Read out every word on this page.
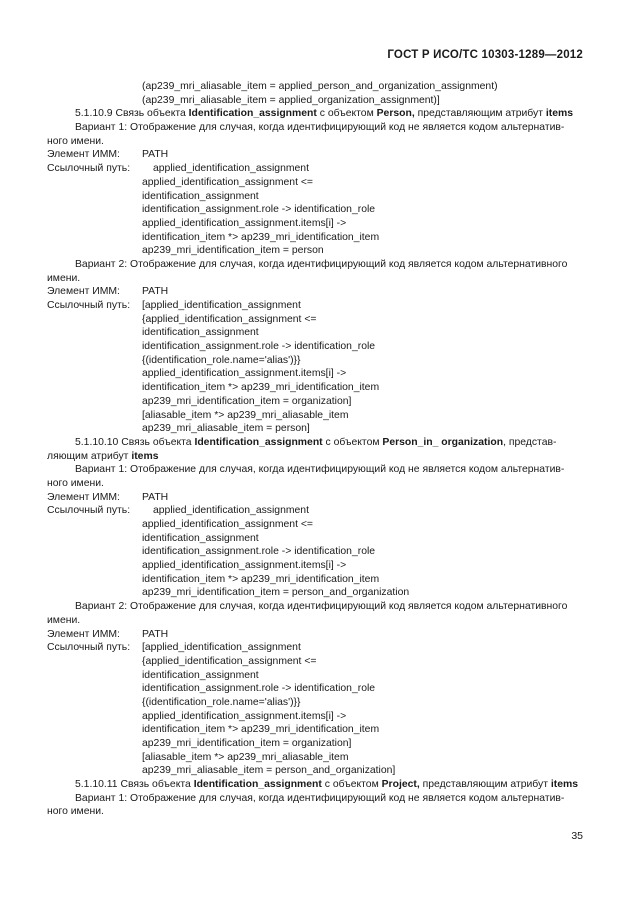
ГОСТ Р ИСО/ТС 10303-1289—2012
(ap239_mri_aliasable_item = applied_person_and_organization_assignment)
(ap239_mri_aliasable_item = applied_organization_assignment)]
5.1.10.9 Связь объекта Identification_assignment с объектом Person, представляющим атрибут items
Вариант 1: Отображение для случая, когда идентифицирующий код не является кодом альтернатив-
ного имени.
Элемент ИММ: PATH
Ссылочный путь: applied_identification_assignment
applied_identification_assignment <=
identification_assignment
identification_assignment.role -> identification_role
applied_identification_assignment.items[i] ->
identification_item *> ap239_mri_identification_item
ap239_mri_identification_item = person
Вариант 2: Отображение для случая, когда идентифицирующий код является кодом альтернативного
имени.
Элемент ИММ: PATH
Ссылочный путь: [applied_identification_assignment
{applied_identification_assignment <=
identification_assignment
identification_assignment.role -> identification_role
{(identification_role.name='alias')}}
applied_identification_assignment.items[i] ->
identification_item *> ap239_mri_identification_item
ap239_mri_identification_item = organization]
[aliasable_item *> ap239_mri_aliasable_item
ap239_mri_aliasable_item = person]
5.1.10.10 Связь объекта Identification_assignment с объектом Person_in_ organization, представ-
ляющим атрибут items
Вариант 1: Отображение для случая, когда идентифицирующий код не является кодом альтернатив-
ного имени.
Элемент ИММ: PATH
Ссылочный путь: applied_identification_assignment
applied_identification_assignment <=
identification_assignment
identification_assignment.role -> identification_role
applied_identification_assignment.items[i] ->
identification_item *> ap239_mri_identification_item
ap239_mri_identification_item = person_and_organization
Вариант 2: Отображение для случая, когда идентифицирующий код является кодом альтернативного
имени.
Элемент ИММ: PATH
Ссылочный путь: [applied_identification_assignment
{applied_identification_assignment <=
identification_assignment
identification_assignment.role -> identification_role
{(identification_role.name='alias')}}
applied_identification_assignment.items[i] ->
identification_item *> ap239_mri_identification_item
ap239_mri_identification_item = organization]
[aliasable_item *> ap239_mri_aliasable_item
ap239_mri_aliasable_item = person_and_organization]
5.1.10.11 Связь объекта Identification_assignment с объектом Project, представляющим атрибут items
Вариант 1: Отображение для случая, когда идентифицирующий код не является кодом альтернатив-
ного имени.
35
